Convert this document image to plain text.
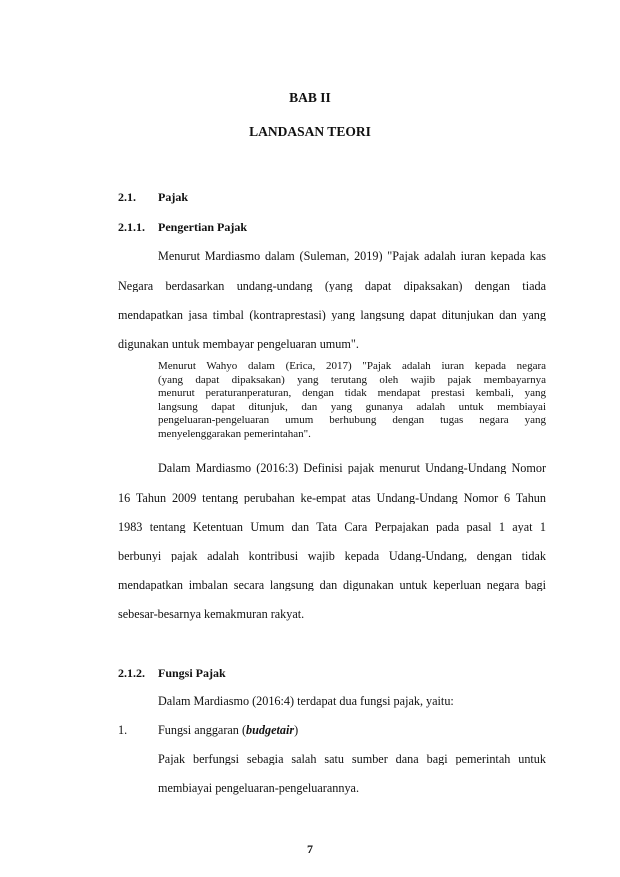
BAB II
LANDASAN TEORI
2.1. Pajak
2.1.1. Pengertian Pajak
Menurut Mardiasmo dalam (Suleman, 2019) "Pajak adalah iuran kepada kas
Negara berdasarkan undang-undang (yang dapat dipaksakan) dengan tiada
mendapatkan jasa timbal (kontraprestasi) yang langsung dapat ditunjukan dan yang
digunakan untuk membayar pengeluaran umum".
Menurut Wahyo dalam (Erica, 2017) "Pajak adalah iuran kepada negara
(yang dapat dipaksakan) yang terutang oleh wajib pajak membayarnya
menurut peraturanperaturan, dengan tidak mendapat prestasi kembali, yang
langsung dapat ditunjuk, dan yang gunanya adalah untuk membiayai
pengeluaran-pengeluaran umum berhubung dengan tugas negara yang
menyelenggarakan pemerintahan".
Dalam Mardiasmo (2016:3) Definisi pajak menurut Undang-Undang Nomor
16 Tahun 2009 tentang perubahan ke-empat atas Undang-Undang Nomor 6 Tahun
1983 tentang Ketentuan Umum dan Tata Cara Perpajakan pada pasal 1 ayat 1
berbunyi pajak adalah kontribusi wajib kepada Udang-Undang, dengan tidak
mendapatkan imbalan secara langsung dan digunakan untuk keperluan negara bagi
sebesar-besarnya kemakmuran rakyat.
2.1.2. Fungsi Pajak
Dalam Mardiasmo (2016:4) terdapat dua fungsi pajak, yaitu:
1.	Fungsi anggaran (budgetair)
Pajak berfungsi sebagia salah satu sumber dana bagi pemerintah untuk
membiayai pengeluaran-pengeluarannya.
7
